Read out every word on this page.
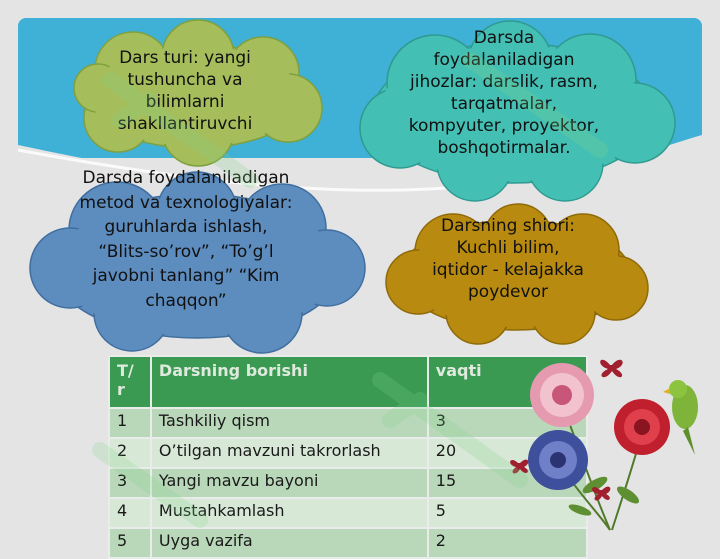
Dars turi: yangi tushuncha va bilimlarni shakllantiruvchi
Darsda foydalaniladigan jihozlar: darslik, rasm, tarqatmalar, kompyuter, proyektor, boshqotirmalar.
Darsda foydalaniladigan metod va texnologiyalar: guruhlarda ishlash, “Blits-so’rov”, “To’g’l javobni tanlang” “Kim chaqqon”
Darsning shiori: Kuchli bilim, iqtidor - kelajakka poydevor
T/ r	Darsning borishi	vaqti
1	Tashkiliy qism	3
2	O’tilgan mavzuni takrorlash	20
3	Yangi mavzu bayoni	15
4	Mustahkamlash	5
5	Uyga vazifa	2
